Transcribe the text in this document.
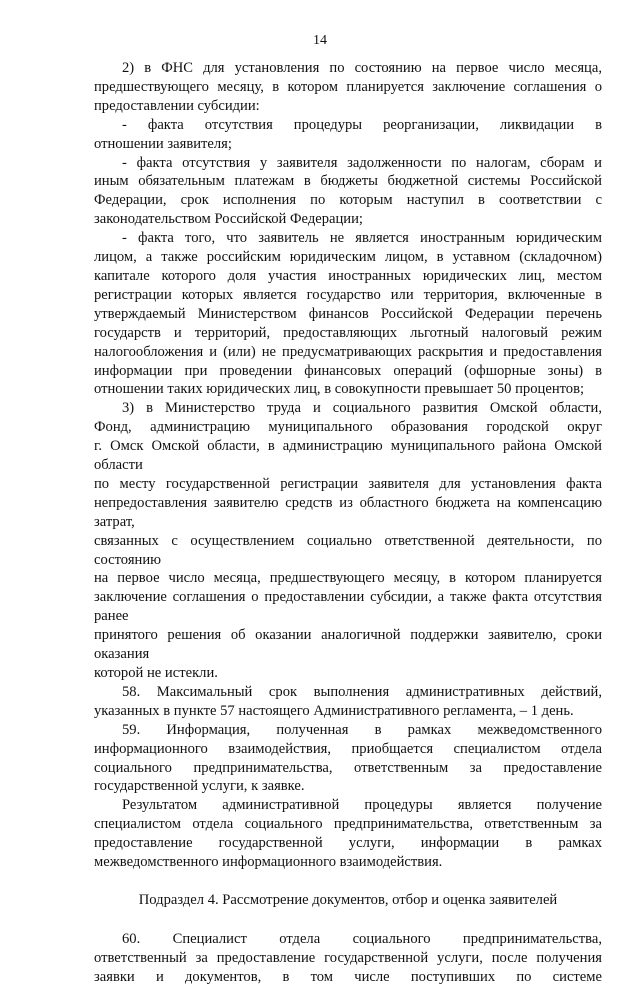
14

2) в ФНС для установления по состоянию на первое число месяца,

предшествующего месяцу, в котором планируется заключение соглашения о

предоставлении субсидии:

- факта отсутствия процедуры реорганизации, ликвидации в

отношении заявителя;

- факта отсутствия у заявителя задолженности по налогам, сборам и

иным обязательным платежам в бюджеты бюджетной системы Российской

Федерации, срок исполнения по которым наступил в соответствии с

законодательством Российской Федерации;

- факта того, что заявитель не является иностранным юридическим

лицом, а также российским юридическим лицом, в уставном (складочном)

капитале которого доля участия иностранных юридических лиц, местом

регистрации которых является государство или территория, включенные в

утверждаемый Министерством финансов Российской Федерации перечень

государств и территорий, предоставляющих льготный налоговый режим

налогообложения и (или) не предусматривающих раскрытия и предоставления

информации при проведении финансовых операций (офшорные зоны) в

отношении таких юридических лиц, в совокупности превышает 50 процентов;

3) в Министерство труда и социального развития Омской области,

Фонд, администрацию муниципального образования городской округ

г. Омск Омской области, в администрацию муниципального района Омской области

по месту государственной регистрации заявителя для установления факта

непредоставления заявителю средств из областного бюджета на компенсацию затрат,

связанных с осуществлением социально ответственной деятельности, по состоянию

на первое число месяца, предшествующего месяцу, в котором планируется

заключение соглашения о предоставлении субсидии, а также факта отсутствия ранее

принятого решения об оказании аналогичной поддержки заявителю, сроки оказания

которой не истекли.

58. Максимальный срок выполнения административных действий,

указанных в пункте 57 настоящего Административного регламента, – 1 день.

59. Информация, полученная в рамках межведомственного

информационного взаимодействия, приобщается специалистом отдела

социального предпринимательства, ответственным за предоставление

государственной услуги, к заявке.

Результатом административной процедуры является получение

специалистом отдела социального предпринимательства, ответственным за

предоставление государственной услуги, информации в рамках

межведомственного информационного взаимодействия.

Подраздел 4. Рассмотрение документов, отбор и оценка заявителей

60. Специалист отдела социального предпринимательства,

ответственный за предоставление государственной услуги, после получения

заявки и документов, в том числе поступивших по системе
